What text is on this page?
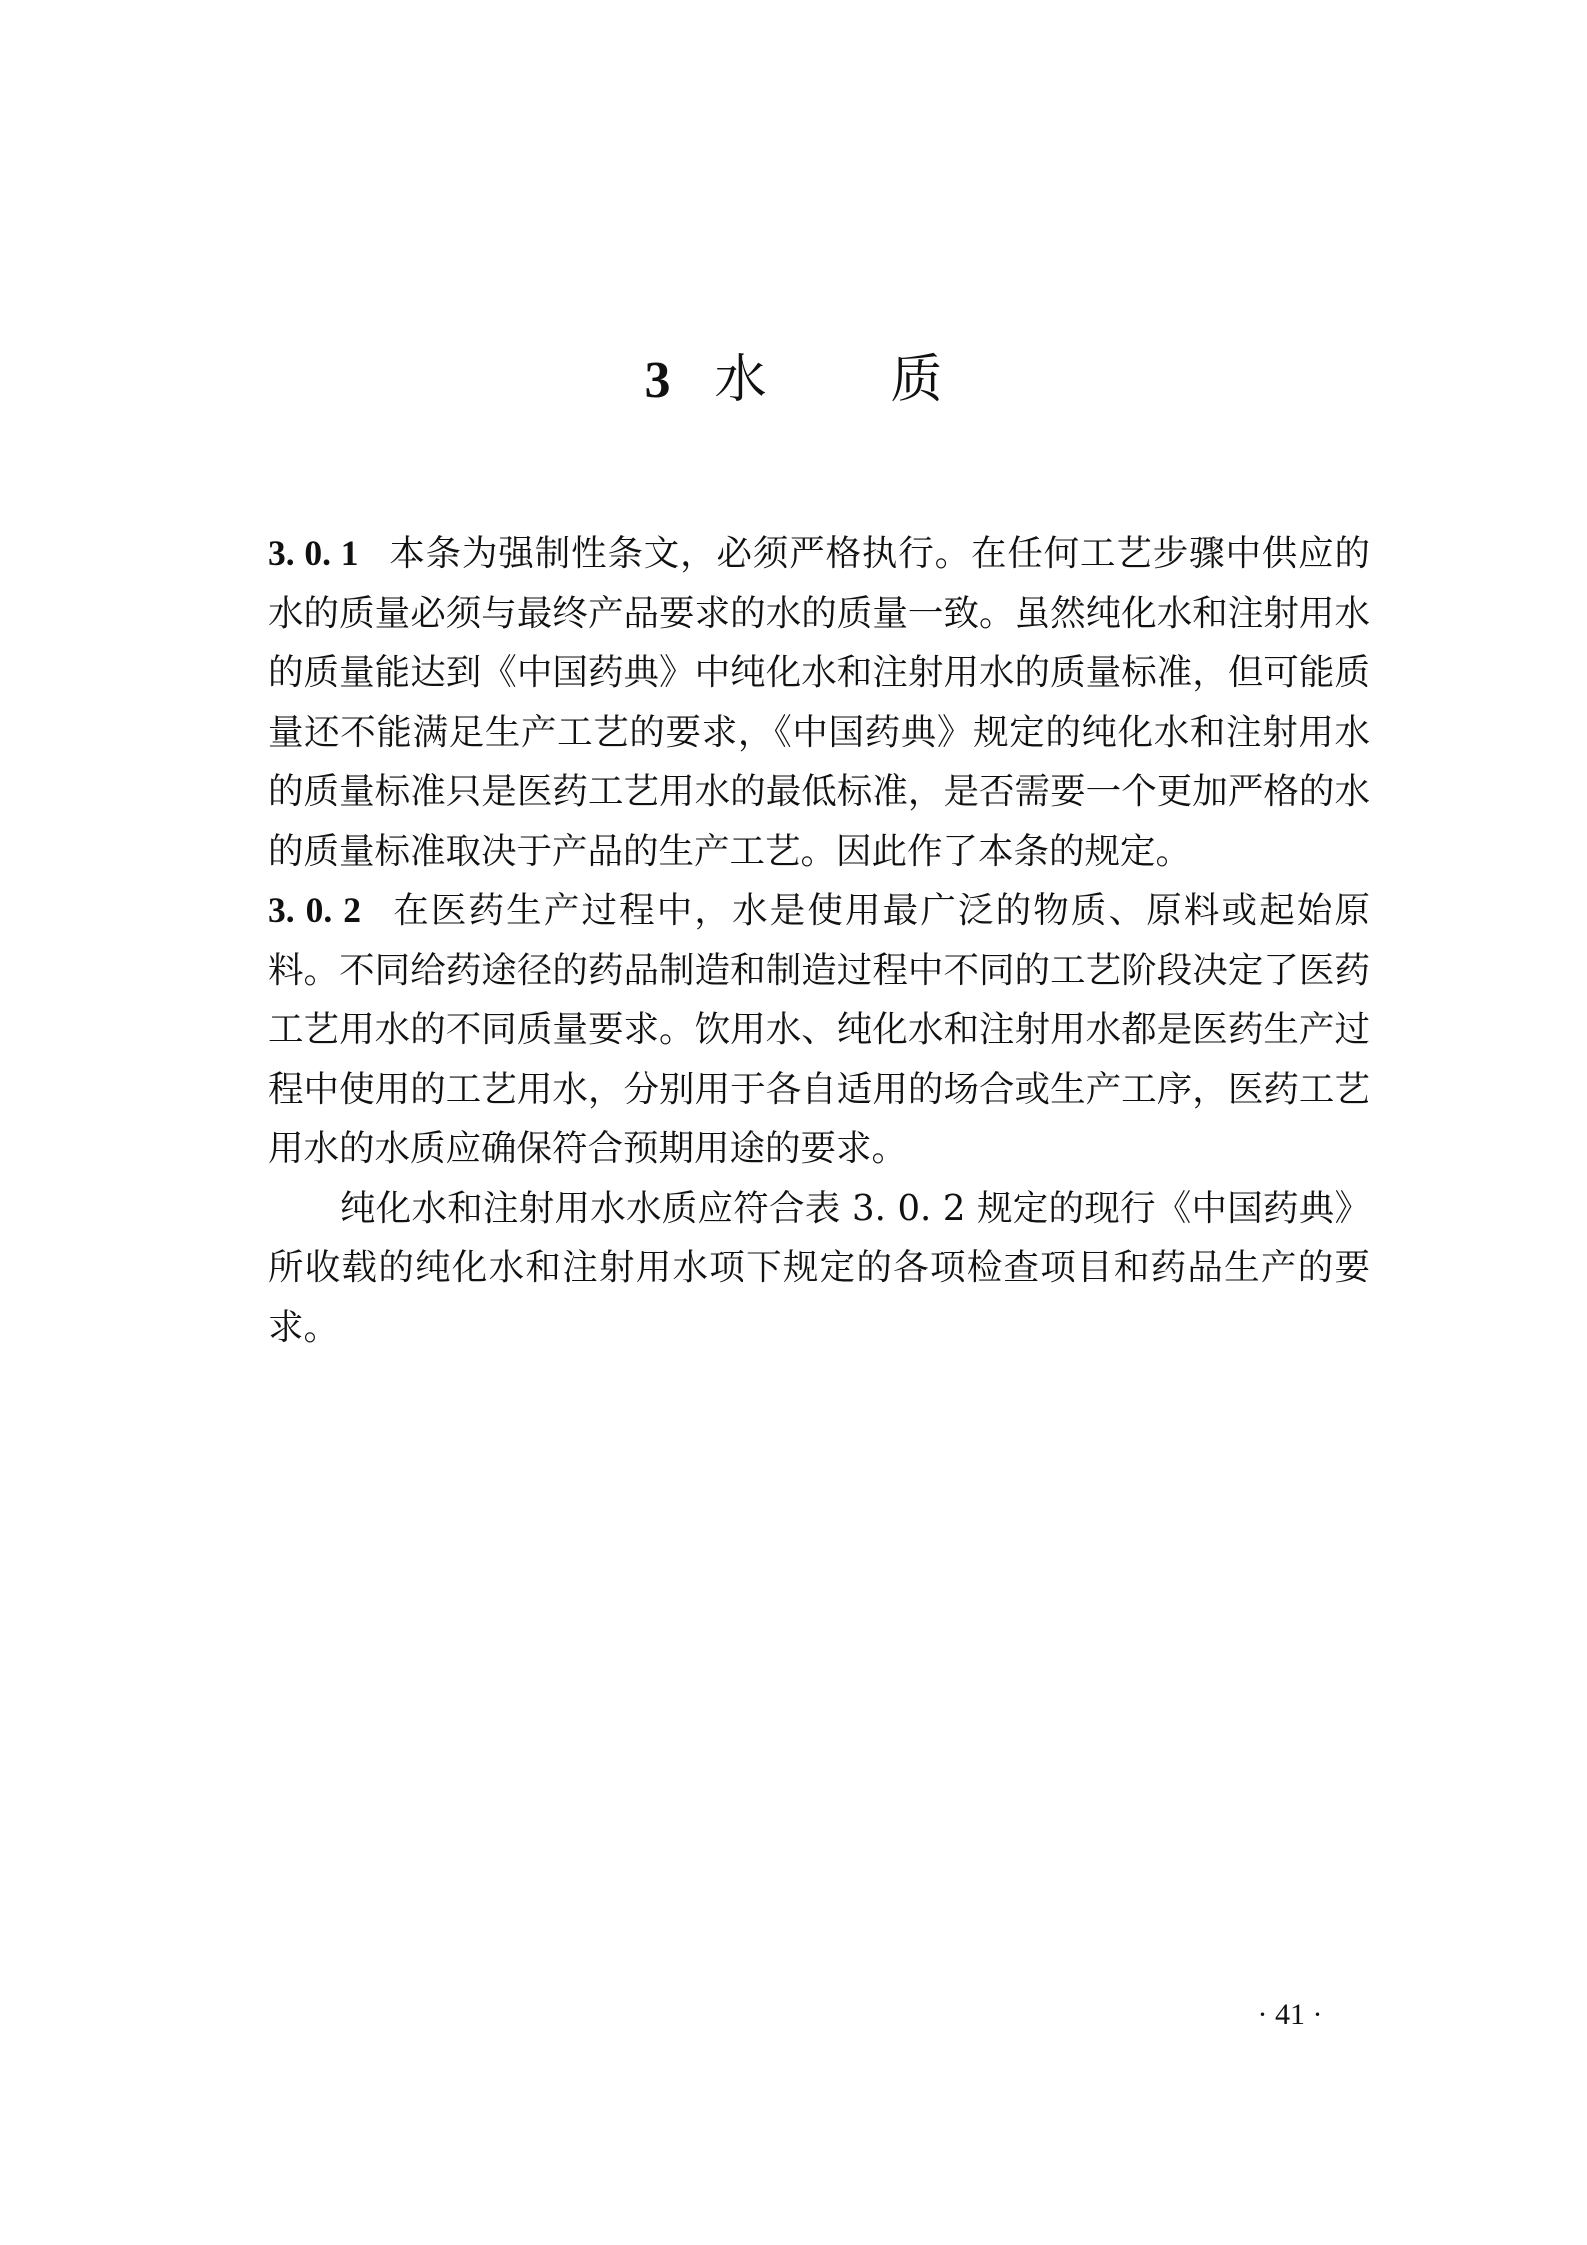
3 水 质

3. 0. 1 本条为强制性条文，必须严格执行。在任何工艺步骤中供应的水的质量必须与最终产品要求的水的质量一致。虽然纯化水和注射用水的质量能达到《中国药典》中纯化水和注射用水的质量标准，但可能质量还不能满足生产工艺的要求，《中国药典》规定的纯化水和注射用水的质量标准只是医药工艺用水的最低标准，是否需要一个更加严格的水的质量标准取决于产品的生产工艺。因此作了本条的规定。

3. 0. 2 在医药生产过程中，水是使用最广泛的物质、原料或起始原料。不同给药途径的药品制造和制造过程中不同的工艺阶段决定了医药工艺用水的不同质量要求。饮用水、纯化水和注射用水都是医药生产过程中使用的工艺用水，分别用于各自适用的场合或生产工序，医药工艺用水的水质应确保符合预期用途的要求。

纯化水和注射用水水质应符合表 3. 0. 2 规定的现行《中国药典》所收载的纯化水和注射用水项下规定的各项检查项目和药品生产的要求。

· 41 ·
